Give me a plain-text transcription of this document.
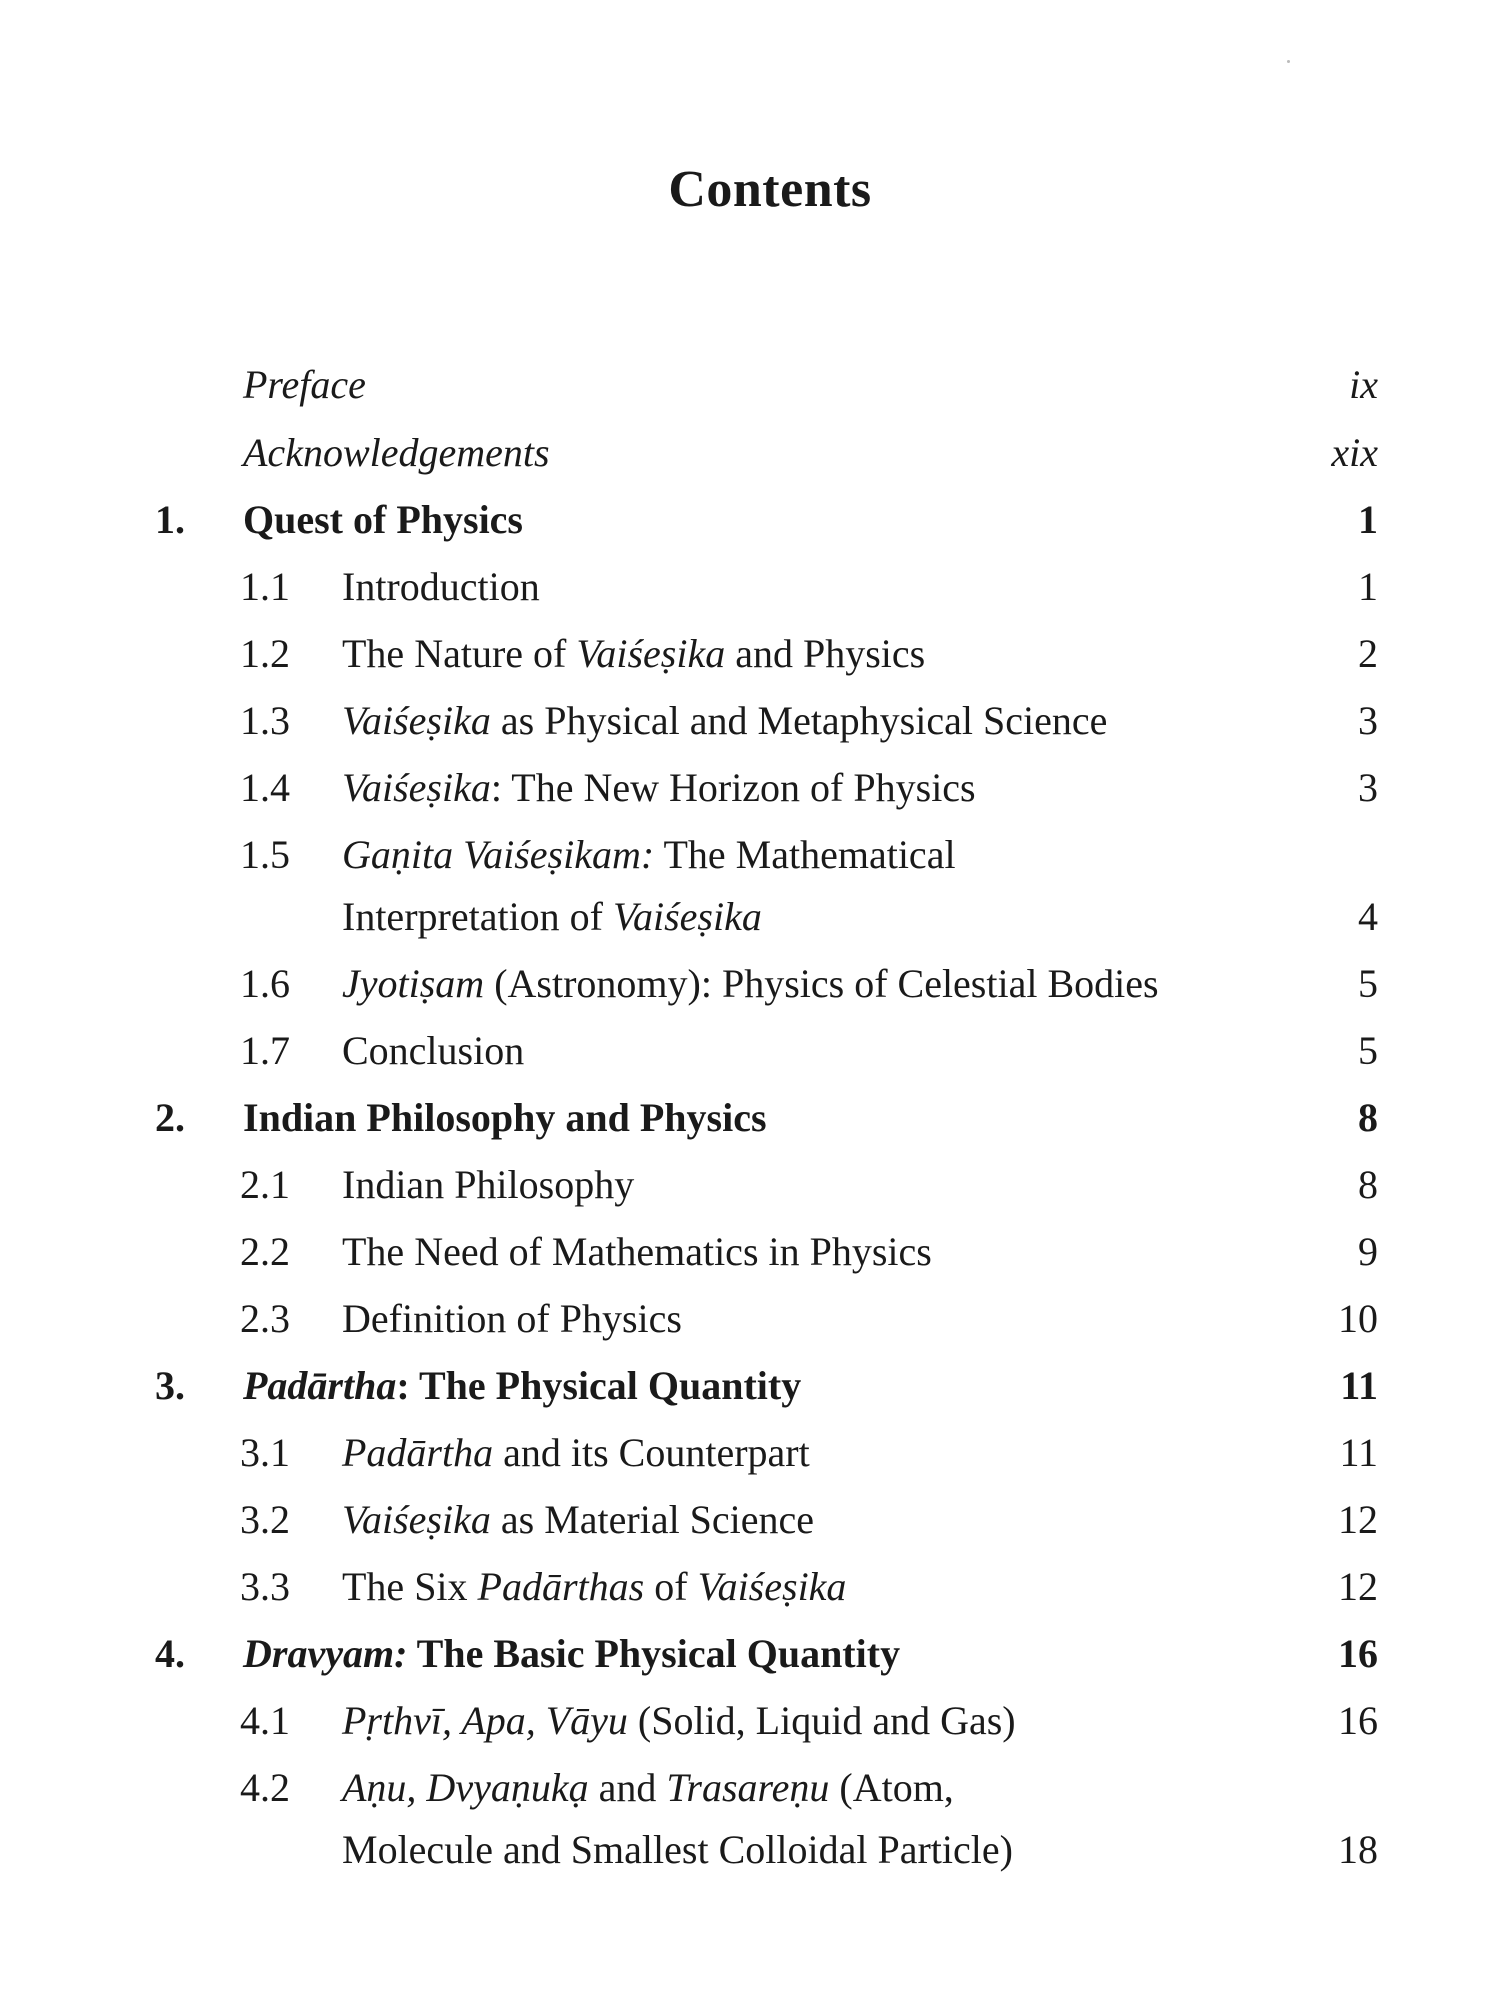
Contents
Preface	ix
Acknowledgements	xix
1.	Quest of Physics	1
1.1	Introduction	1
1.2	The Nature of Vaiśeṣika and Physics	2
1.3	Vaiśeṣika as Physical and Metaphysical Science	3
1.4	Vaiśeṣika: The New Horizon of Physics	3
1.5	Gaṇita Vaiśeṣikam: The Mathematical
Interpretation of Vaiśeṣika	4
1.6	Jyotiṣam (Astronomy): Physics of Celestial Bodies	5
1.7	Conclusion	5
2.	Indian Philosophy and Physics	8
2.1	Indian Philosophy	8
2.2	The Need of Mathematics in Physics	9
2.3	Definition of Physics	10
3.	Padārtha: The Physical Quantity	11
3.1	Padārtha and its Counterpart	11
3.2	Vaiśeṣika as Material Science	12
3.3	The Six Padārthas of Vaiśeṣika	12
4.	Dravyam: The Basic Physical Quantity	16
4.1	Pṛthvī, Apa, Vāyu (Solid, Liquid and Gas)	16
4.2	Aṇu, Dvyaṇukạ and Trasareṇu (Atom,
Molecule and Smallest Colloidal Particle)	18
